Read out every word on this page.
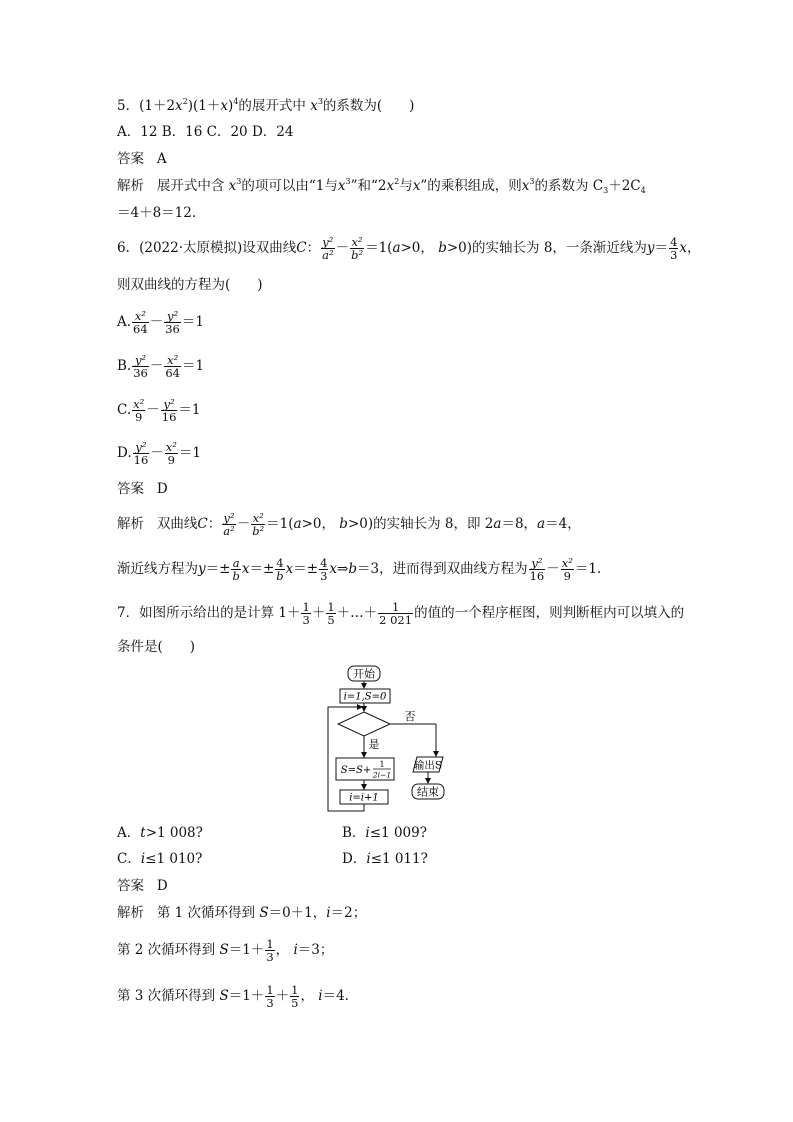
5．$(1+2x^2)(1+x)^4$的展开式中 $x^3$的系数为(　　)
A．12 B．16 C．20 D．24
答案 A
解析 展开式中含 $x^3$的项可以由“1与$x^3$”和“$2x^2$与x”的乘积组成，则$x^3$的系数为 $C_3+2C_4$
＝4＋8＝12.
6．(2022·太原模拟)设双曲线C： $\frac{\text{y²}}{\text{a²}} - \frac{\text{x²}}{\text{b²}} =1(a>0$， b>0)的实轴长为 8，一条渐近线为$y= \frac{4}{3}$ x，
则双曲线的方程为(　　)
A. $\frac{\text{x²}}{64} - \frac{\text{y²}}{36} =1$
B. $\frac{\text{y²}}{36} - \frac{\text{x²}}{64} =1$
C. $\frac{\text{x²}}{9} - \frac{\text{y²}}{16} =1$
D. $\frac{\text{y²}}{16} - \frac{\text{x²}}{9} =1$
答案 D
解析 双曲线C： $\frac{\text{y²}}{\text{a²}} - \frac{\text{x²}}{\text{b²}} =1(a>0$， b>0)的实轴长为 8，即 2a＝8，a＝4，
渐近线方程为$y=\pm \frac{a}{b} x=\pm \frac{4}{b} x=\pm \frac{4}{3}$ x⇒b＝3，进而得到双曲线方程为 $\frac{\text{y²}}{16} - \frac{\text{x²}}{9} =1$.
7．如图所示给出的是计算 $1+ \frac{1}{3} + \frac{1}{5}$ ＋…＋ $\frac{1}{2 021}$ 的值的一个程序框图，则判断框内可以填入的
条件是(　　)
开始
i=1,S=0
否
是
S=S+
1
2i−1
i=i+1
输出S
结束
A．t>1 008?	B．i≤1 009?
C．i≤1 010?	D．i≤1 011?
答案 D
解析 第 1 次循环得到 S＝0＋1，i＝2；
第 2 次循环得到 $S=1+ \frac{1}{3}$ ， i＝3；
第 3 次循环得到 $S=1+ \frac{1}{3} + \frac{1}{5}$ ， i＝4.
